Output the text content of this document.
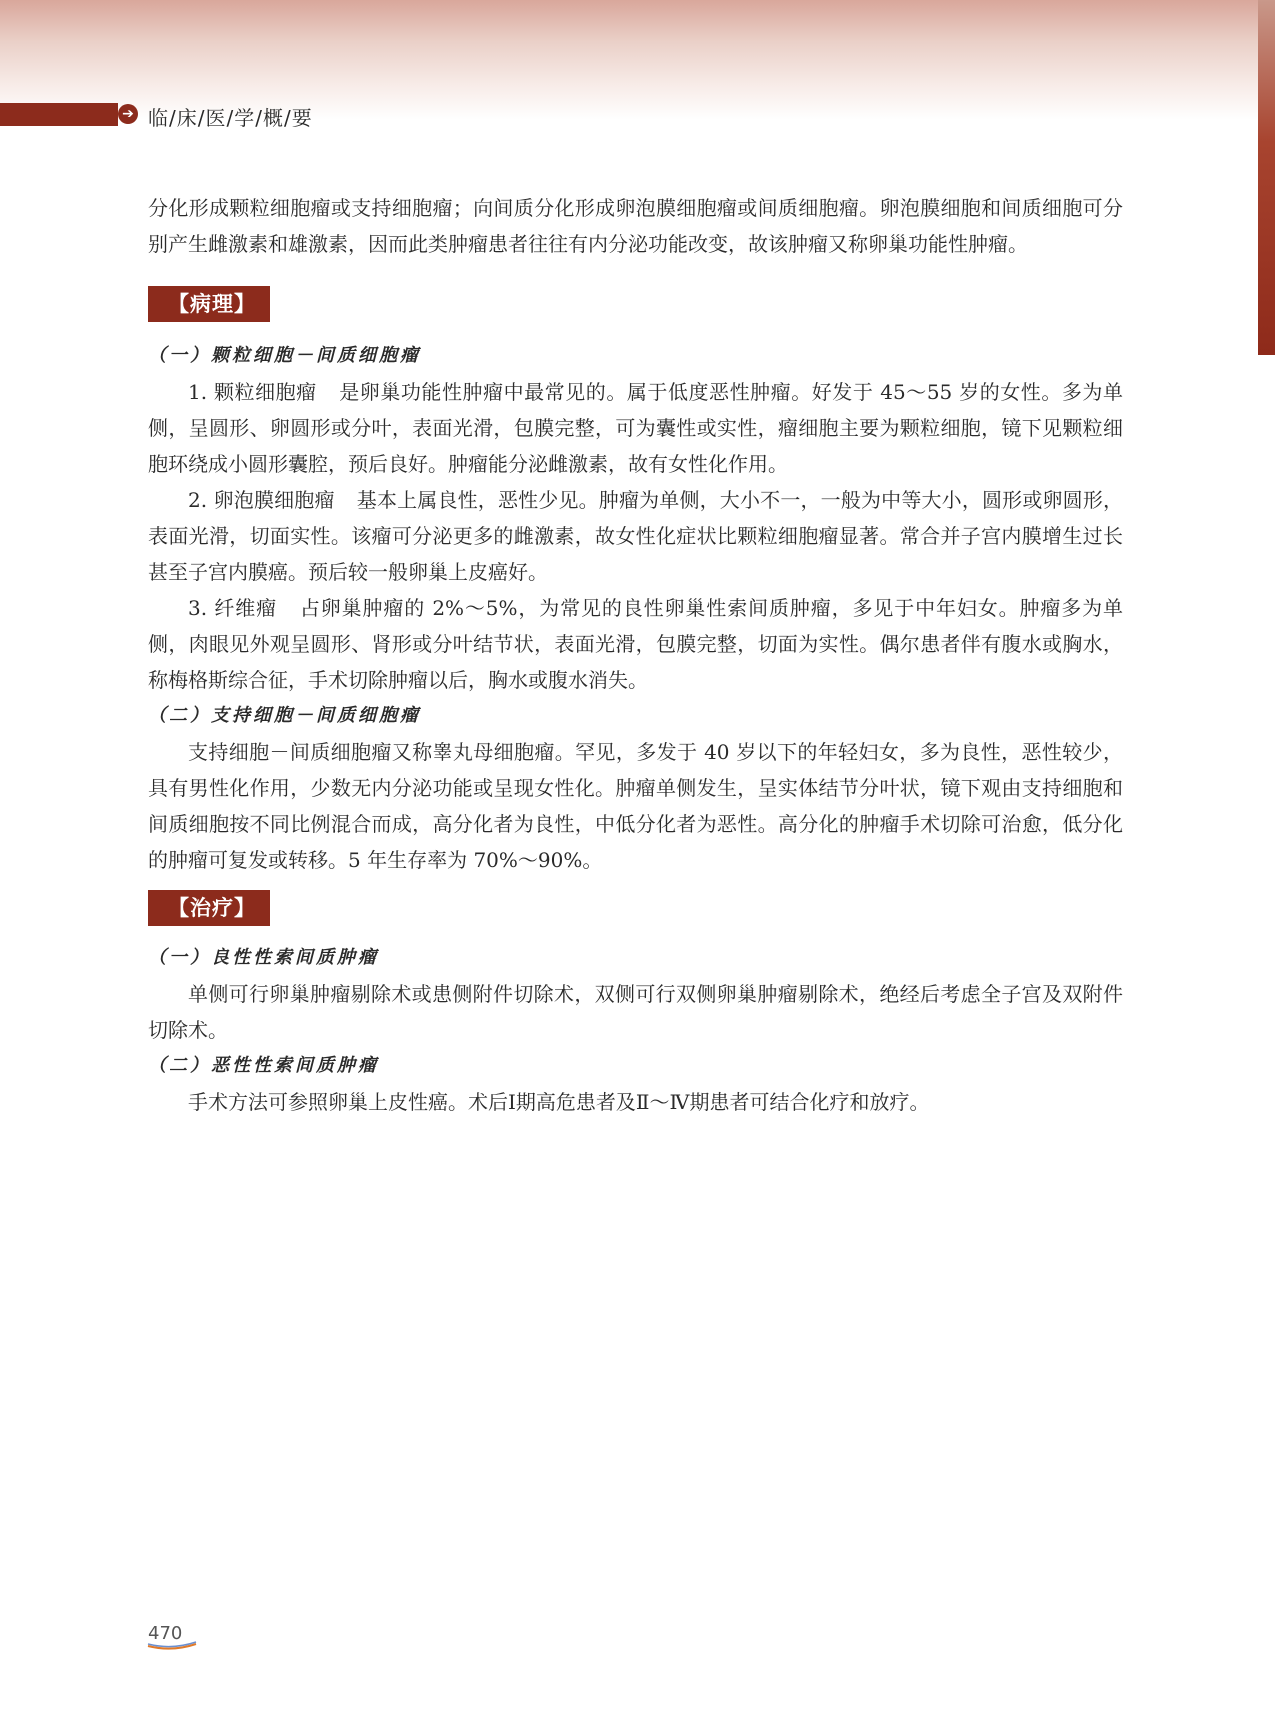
➔ 临/床/医/学/概/要

分化形成颗粒细胞瘤或支持细胞瘤；向间质分化形成卵泡膜细胞瘤或间质细胞瘤。卵泡膜细胞和间质细胞可分别产生雌激素和雄激素，因而此类肿瘤患者往往有内分泌功能改变，故该肿瘤又称卵巢功能性肿瘤。

【病理】

（一）颗粒细胞－间质细胞瘤

1. 颗粒细胞瘤 是卵巢功能性肿瘤中最常见的。属于低度恶性肿瘤。好发于 45～55 岁的女性。多为单侧，呈圆形、卵圆形或分叶，表面光滑，包膜完整，可为囊性或实性，瘤细胞主要为颗粒细胞，镜下见颗粒细胞环绕成小圆形囊腔，预后良好。肿瘤能分泌雌激素，故有女性化作用。

2. 卵泡膜细胞瘤 基本上属良性，恶性少见。肿瘤为单侧，大小不一，一般为中等大小，圆形或卵圆形，表面光滑，切面实性。该瘤可分泌更多的雌激素，故女性化症状比颗粒细胞瘤显著。常合并子宫内膜增生过长甚至子宫内膜癌。预后较一般卵巢上皮癌好。

3. 纤维瘤 占卵巢肿瘤的 2%～5%，为常见的良性卵巢性索间质肿瘤，多见于中年妇女。肿瘤多为单侧，肉眼见外观呈圆形、肾形或分叶结节状，表面光滑，包膜完整，切面为实性。偶尔患者伴有腹水或胸水，称梅格斯综合征，手术切除肿瘤以后，胸水或腹水消失。

（二）支持细胞－间质细胞瘤

支持细胞－间质细胞瘤又称睾丸母细胞瘤。罕见，多发于 40 岁以下的年轻妇女，多为良性，恶性较少，具有男性化作用，少数无内分泌功能或呈现女性化。肿瘤单侧发生，呈实体结节分叶状，镜下观由支持细胞和间质细胞按不同比例混合而成，高分化者为良性，中低分化者为恶性。高分化的肿瘤手术切除可治愈，低分化的肿瘤可复发或转移。5 年生存率为 70%～90%。

【治疗】

（一）良性性索间质肿瘤

单侧可行卵巢肿瘤剔除术或患侧附件切除术，双侧可行双侧卵巢肿瘤剔除术，绝经后考虑全子宫及双附件切除术。

（二）恶性性索间质肿瘤

手术方法可参照卵巢上皮性癌。术后Ⅰ期高危患者及Ⅱ～Ⅳ期患者可结合化疗和放疗。

470
